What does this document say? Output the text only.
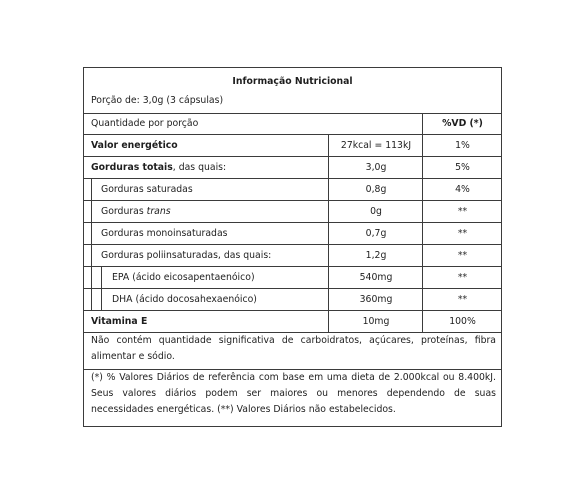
Informação Nutricional
Porção de: 3,0g (3 cápsulas)
Quantidade por porção	%VD (*)
Valor energético	27kcal = 113kJ	1%
Gorduras totais, das quais:	3,0g	5%
Gorduras saturadas	0,8g	4%
Gorduras trans	0g	**
Gorduras monoinsaturadas	0,7g	**
Gorduras poliinsaturadas, das quais:	1,2g	**
EPA (ácido eicosapentaenóico)	540mg	**
DHA (ácido docosahexaenóico)	360mg	**
Vitamina E	10mg	100%
Não contém quantidade significativa de carboidratos, açúcares, proteínas, fibra alimentar e sódio.
(*) % Valores Diários de referência com base em uma dieta de 2.000kcal ou 8.400kJ. Seus valores diários podem ser maiores ou menores dependendo de suas necessidades energéticas. (**) Valores Diários não estabelecidos.
